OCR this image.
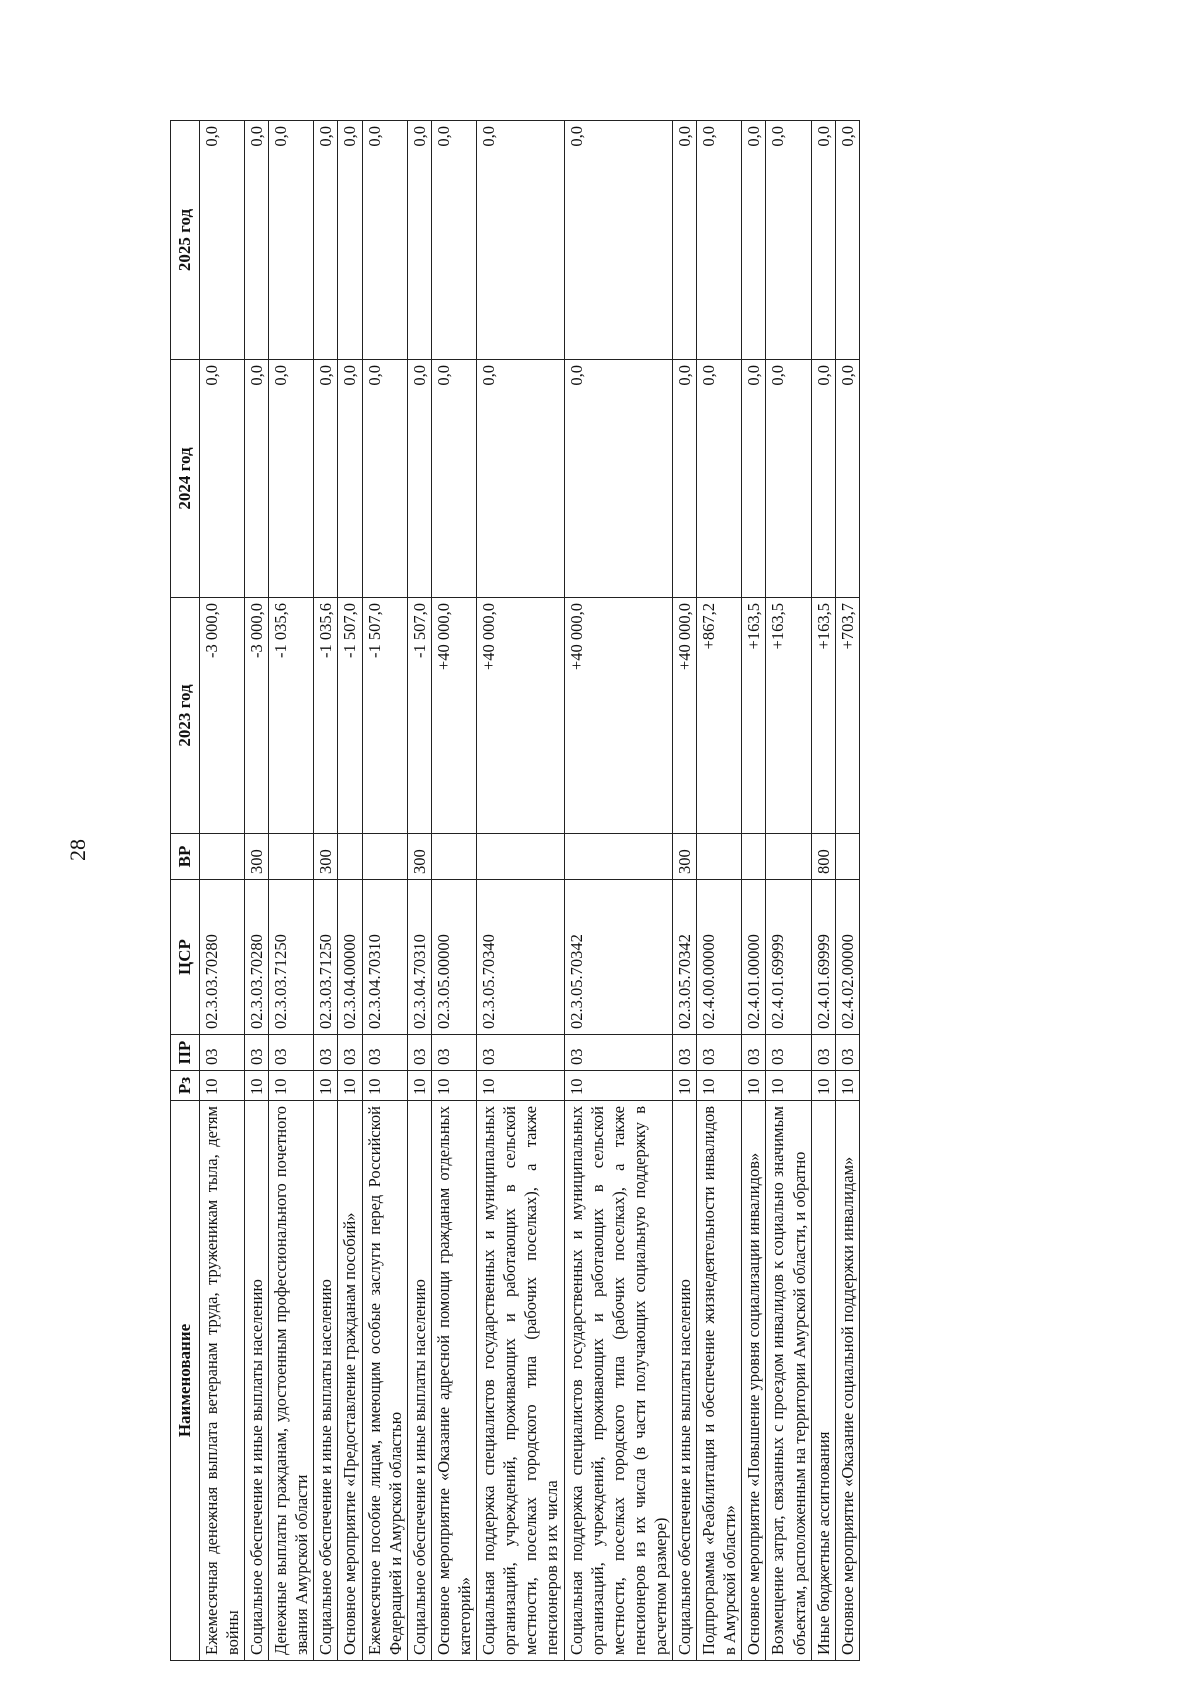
28
Наименование	Рз	ПР	ЦСР	ВР	2023 год	2024 год	2025 год
Ежемесячная денежная выплата ветеранам труда, труженикам тыла, детям войны	10	03	02.3.03.70280		-3 000,0	0,0	0,0
Социальное обеспечение и иные выплаты населению	10	03	02.3.03.70280	300	-3 000,0	0,0	0,0
Денежные выплаты гражданам, удостоенным профессионального почетного звания Амурской области	10	03	02.3.03.71250		-1 035,6	0,0	0,0
Социальное обеспечение и иные выплаты населению	10	03	02.3.03.71250	300	-1 035,6	0,0	0,0
Основное мероприятие «Предоставление гражданам пособий»	10	03	02.3.04.00000		-1 507,0	0,0	0,0
Ежемесячное пособие лицам, имеющим особые заслуги перед Российской Федерацией и Амурской областью	10	03	02.3.04.70310		-1 507,0	0,0	0,0
Социальное обеспечение и иные выплаты населению	10	03	02.3.04.70310	300	-1 507,0	0,0	0,0
Основное мероприятие «Оказание адресной помощи гражданам отдельных категорий»	10	03	02.3.05.00000		+40 000,0	0,0	0,0
Социальная поддержка специалистов государственных и муниципальных организаций, учреждений, проживающих и работающих в сельской местности, поселках городского типа (рабочих поселках), а также пенсионеров из их числа	10	03	02.3.05.70340		+40 000,0	0,0	0,0
Социальная поддержка специалистов государственных и муниципальных организаций, учреждений, проживающих и работающих в сельской местности, поселках городского типа (рабочих поселках), а также пенсионеров из их числа (в части получающих социальную поддержку в расчетном размере)	10	03	02.3.05.70342		+40 000,0	0,0	0,0
Социальное обеспечение и иные выплаты населению	10	03	02.3.05.70342	300	+40 000,0	0,0	0,0
Подпрограмма «Реабилитация и обеспечение жизнедеятельности инвалидов в Амурской области»	10	03	02.4.00.00000		+867,2	0,0	0,0
Основное мероприятие «Повышение уровня социализации инвалидов»	10	03	02.4.01.00000		+163,5	0,0	0,0
Возмещение затрат, связанных с проездом инвалидов к социально значимым объектам, расположенным на территории Амурской области, и обратно	10	03	02.4.01.69999		+163,5	0,0	0,0
Иные бюджетные ассигнования	10	03	02.4.01.69999	800	+163,5	0,0	0,0
Основное мероприятие «Оказание социальной поддержки инвалидам»	10	03	02.4.02.00000		+703,7	0,0	0,0
